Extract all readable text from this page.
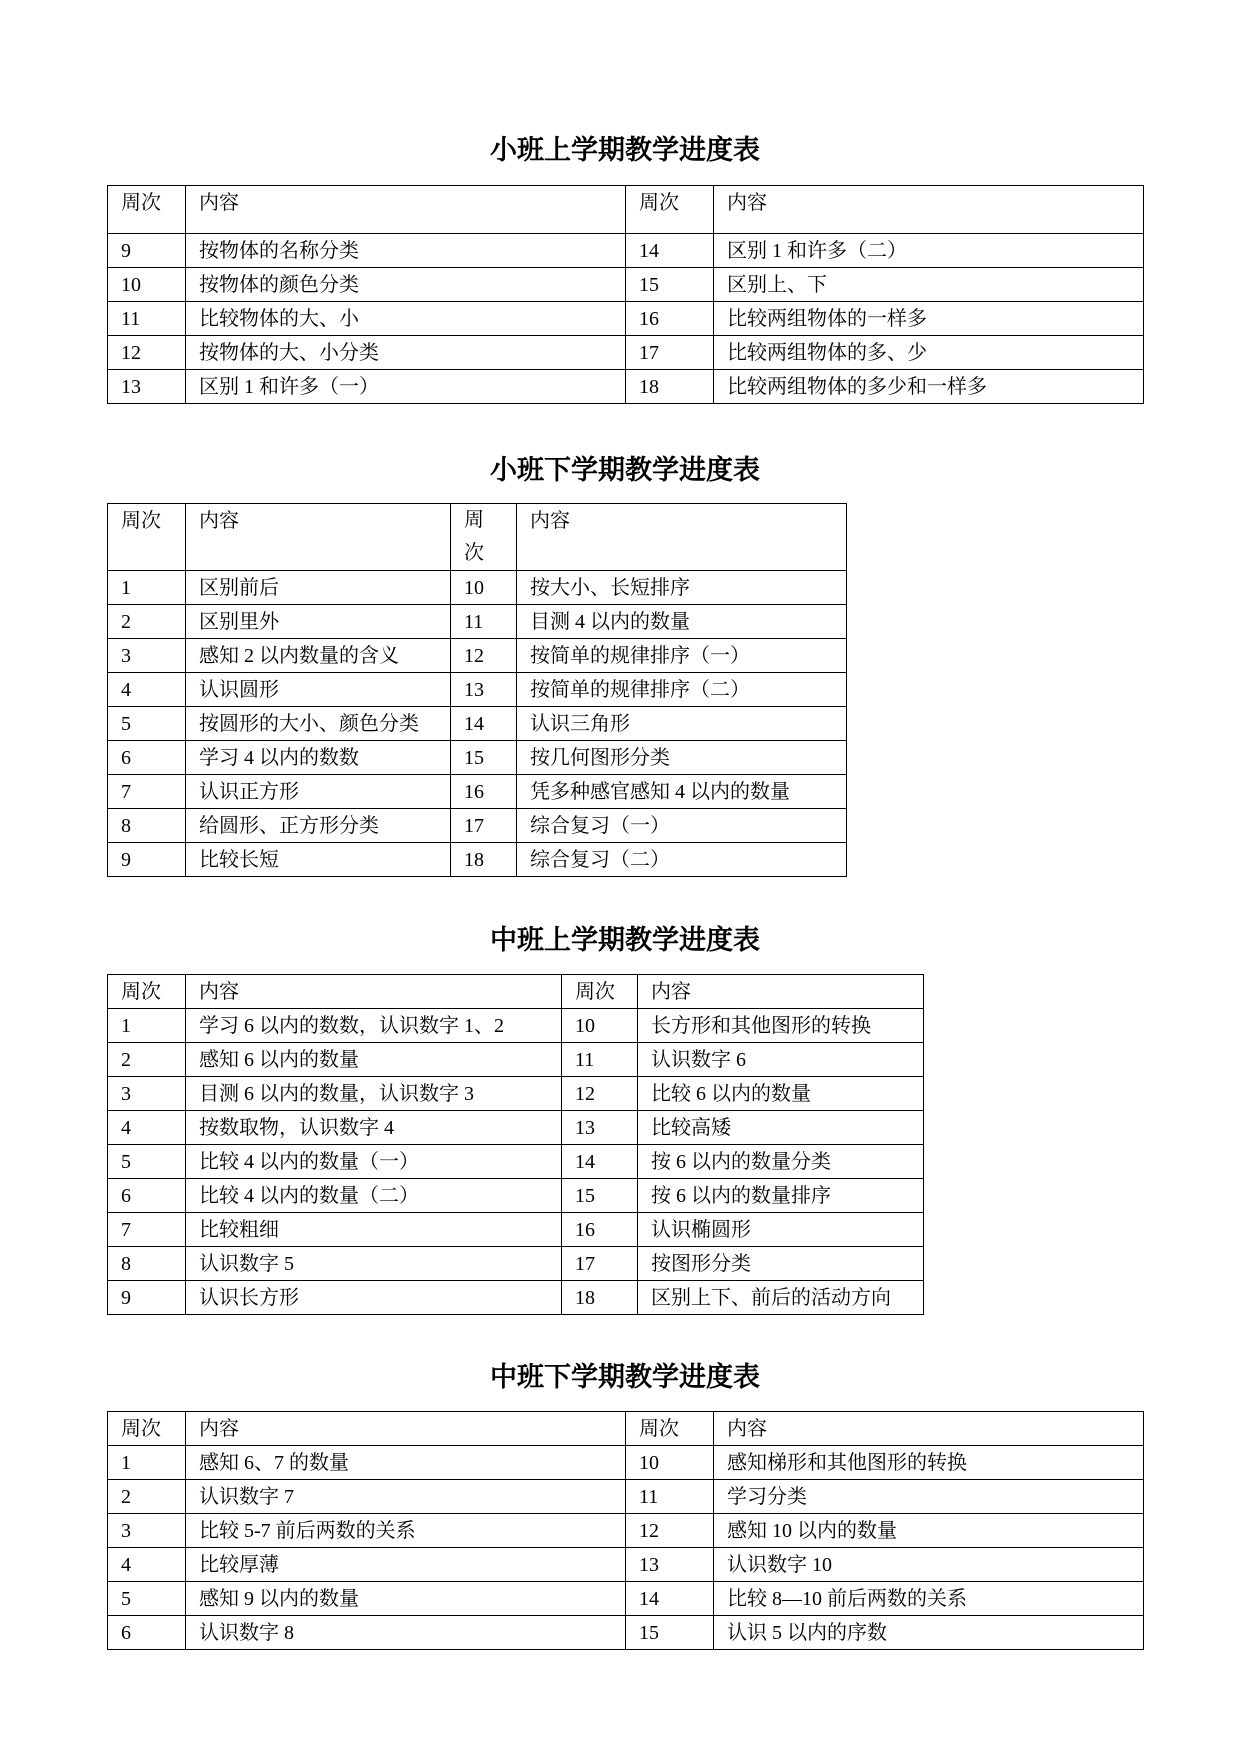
小班上学期教学进度表
周次	内容	周次	内容
9	按物体的名称分类	14	区别 1 和许多（二）
10	按物体的颜色分类	15	区别上、下
11	比较物体的大、小	16	比较两组物体的一样多
12	按物体的大、小分类	17	比较两组物体的多、少
13	区别 1 和许多（一）	18	比较两组物体的多少和一样多
小班下学期教学进度表
周次	内容	周次	内容
1	区别前后	10	按大小、长短排序
2	区别里外	11	目测 4 以内的数量
3	感知 2 以内数量的含义	12	按简单的规律排序（一）
4	认识圆形	13	按简单的规律排序（二）
5	按圆形的大小、颜色分类	14	认识三角形
6	学习 4 以内的数数	15	按几何图形分类
7	认识正方形	16	凭多种感官感知 4 以内的数量
8	给圆形、正方形分类	17	综合复习（一）
9	比较长短	18	综合复习（二）
中班上学期教学进度表
周次	内容	周次	内容
1	学习 6 以内的数数，认识数字 1、2	10	长方形和其他图形的转换
2	感知 6 以内的数量	11	认识数字 6
3	目测 6 以内的数量，认识数字 3	12	比较 6 以内的数量
4	按数取物，认识数字 4	13	比较高矮
5	比较 4 以内的数量（一）	14	按 6 以内的数量分类
6	比较 4 以内的数量（二）	15	按 6 以内的数量排序
7	比较粗细	16	认识椭圆形
8	认识数字 5	17	按图形分类
9	认识长方形	18	区别上下、前后的活动方向
中班下学期教学进度表
周次	内容	周次	内容
1	感知 6、7 的数量	10	感知梯形和其他图形的转换
2	认识数字 7	11	学习分类
3	比较 5-7 前后两数的关系	12	感知 10 以内的数量
4	比较厚薄	13	认识数字 10
5	感知 9 以内的数量	14	比较 8—10 前后两数的关系
6	认识数字 8	15	认识 5 以内的序数
